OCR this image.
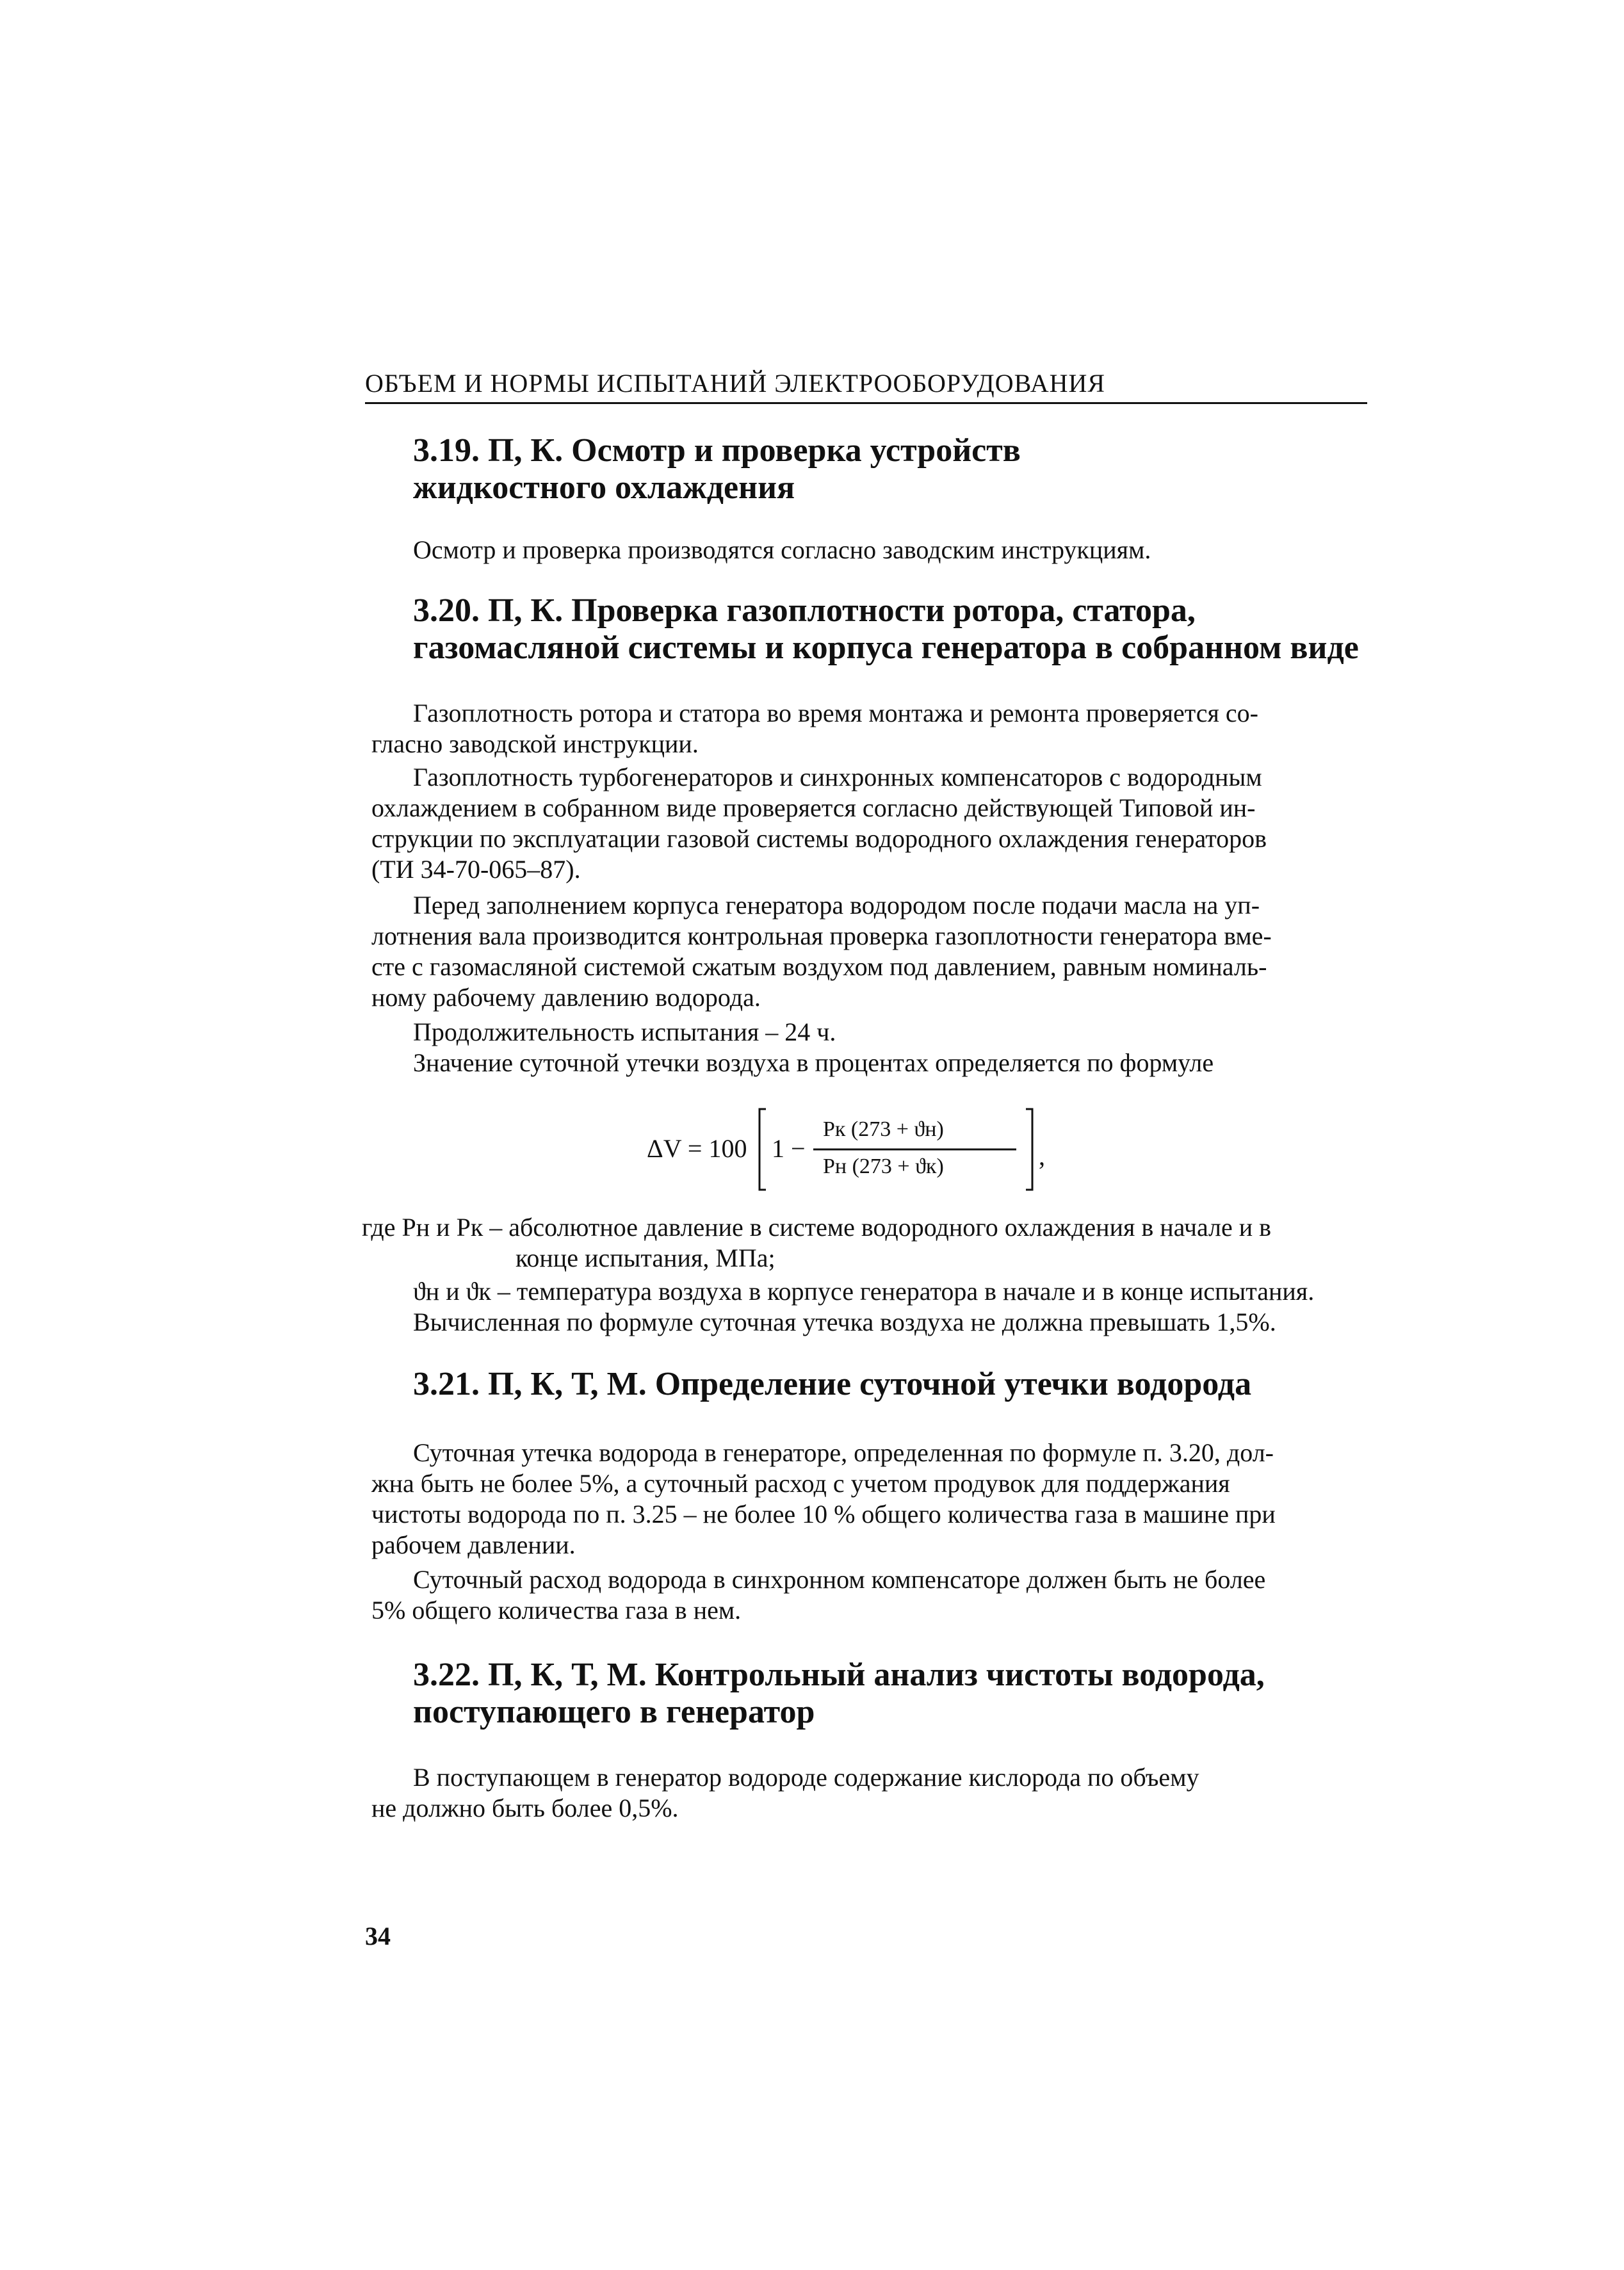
ОБЪЕМ И НОРМЫ ИСПЫТАНИЙ ЭЛЕКТРООБОРУДОВАНИЯ
3.19. П, К. Осмотр и проверка устройств
жидкостного охлаждения
Осмотр и проверка производятся согласно заводским инструкциям.
3.20. П, К. Проверка газоплотности ротора, статора,
газомасляной системы и корпуса генератора в собранном виде
Газоплотность ротора и статора во время монтажа и ремонта проверяется со-
гласно заводской инструкции.
Газоплотность турбогенераторов и синхронных компенсаторов с водородным
охлаждением в собранном виде проверяется согласно действующей Типовой ин-
струкции по эксплуатации газовой системы водородного охлаждения генераторов
(ТИ 34-70-065–87).
Перед заполнением корпуса генератора водородом после подачи масла на уп-
лотнения вала производится контрольная проверка газоплотности генератора вме-
сте с газомасляной системой сжатым воздухом под давлением, равным номиналь-
ному рабочему давлению водорода.
Продолжительность испытания – 24 ч.
Значение суточной утечки воздуха в процентах определяется по формуле
ΔV = 100 1 −
Pк (273 + ϑн)
Pн (273 + ϑк)	,
где Pн и Pк – абсолютное давление в системе водородного охлаждения в начале и в
конце испытания, МПа;
ϑн и ϑк – температура воздуха в корпусе генератора в начале и в конце испытания.
Вычисленная по формуле суточная утечка воздуха не должна превышать 1,5%.
3.21. П, К, Т, М. Определение суточной утечки водорода
Суточная утечка водорода в генераторе, определенная по формуле п. 3.20, дол-
жна быть не более 5%, а суточный расход с учетом продувок для поддержания
чистоты водорода по п. 3.25 – не более 10 % общего количества газа в машине при
рабочем давлении.
Суточный расход водорода в синхронном компенсаторе должен быть не более
5% общего количества газа в нем.
3.22. П, К, Т, М. Контрольный анализ чистоты водорода,
поступающего в генератор
В поступающем в генератор водороде содержание кислорода по объему
не должно быть более 0,5%.
34
